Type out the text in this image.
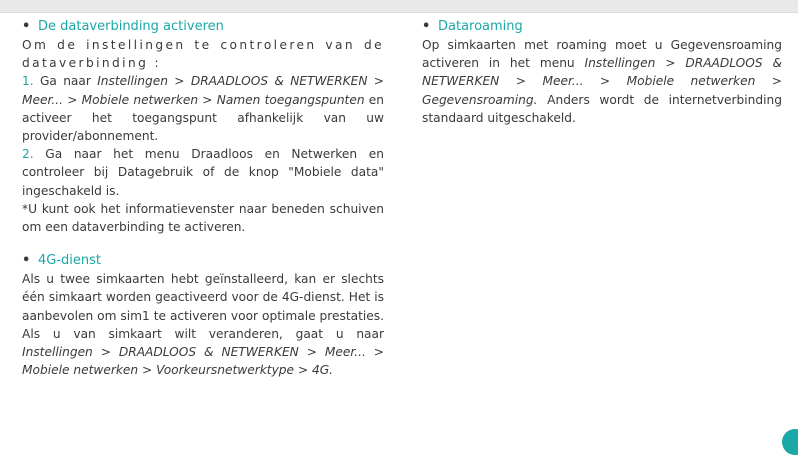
• De dataverbinding activeren
Om de instellingen te controleren van de dataverbinding :
1. Ga naar Instellingen > DRAADLOOS & NETWERKEN > Meer... > Mobiele netwerken > Namen toegangspunten en activeer het toegangspunt afhankelijk van uw provider/abonnement.
2. Ga naar het menu Draadloos en Netwerken en controleer bij Datagebruik of de knop "Mobiele data" ingeschakeld is.
*U kunt ook het informatievenster naar beneden schuiven om een dataverbinding te activeren.
• 4G-dienst
Als u twee simkaarten hebt geïnstalleerd, kan er slechts één simkaart worden geactiveerd voor de 4G-dienst. Het is aanbevolen om sim1 te activeren voor optimale prestaties. Als u van simkaart wilt veranderen, gaat u naar Instellingen > DRAADLOOS & NETWERKEN > Meer... > Mobiele netwerken > Voorkeursnetwerktype > 4G.
• Dataroaming
Op simkaarten met roaming moet u Gegevensroaming activeren in het menu Instellingen > DRAADLOOS & NETWERKEN > Meer... > Mobiele netwerken > Gegevensroaming. Anders wordt de internetverbinding standaard uitgeschakeld.
